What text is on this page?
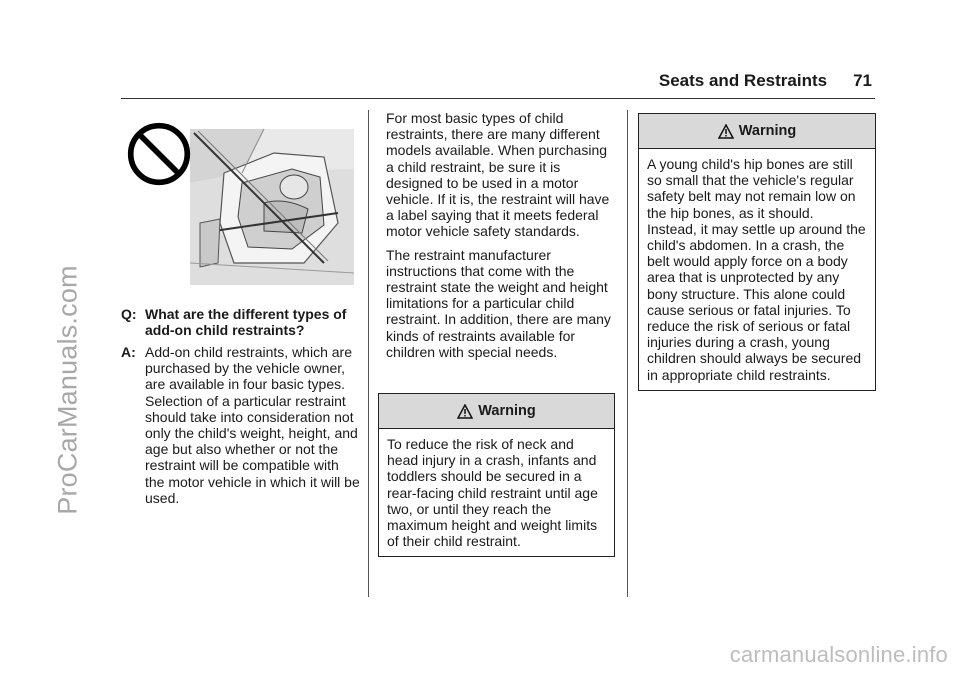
ProCarManuals.com
carmanualsonline.info
Seats and Restraints 71
Q: What are the different types of add-on child restraints?
A: Add-on child restraints, which are purchased by the vehicle owner, are available in four basic types. Selection of a particular restraint should take into consideration not only the child's weight, height, and age but also whether or not the restraint will be compatible with the motor vehicle in which it will be used.

For most basic types of child restraints, there are many different models available. When purchasing a child restraint, be sure it is designed to be used in a motor vehicle. If it is, the restraint will have a label saying that it meets federal motor vehicle safety standards.

The restraint manufacturer instructions that come with the restraint state the weight and height limitations for a particular child restraint. In addition, there are many kinds of restraints available for children with special needs.

Warning
To reduce the risk of neck and head injury in a crash, infants and toddlers should be secured in a rear-facing child restraint until age two, or until they reach the maximum height and weight limits of their child restraint.
Warning
A young child's hip bones are still so small that the vehicle's regular safety belt may not remain low on the hip bones, as it should. Instead, it may settle up around the child's abdomen. In a crash, the belt would apply force on a body area that is unprotected by any bony structure. This alone could cause serious or fatal injuries. To reduce the risk of serious or fatal injuries during a crash, young children should always be secured in appropriate child restraints.
